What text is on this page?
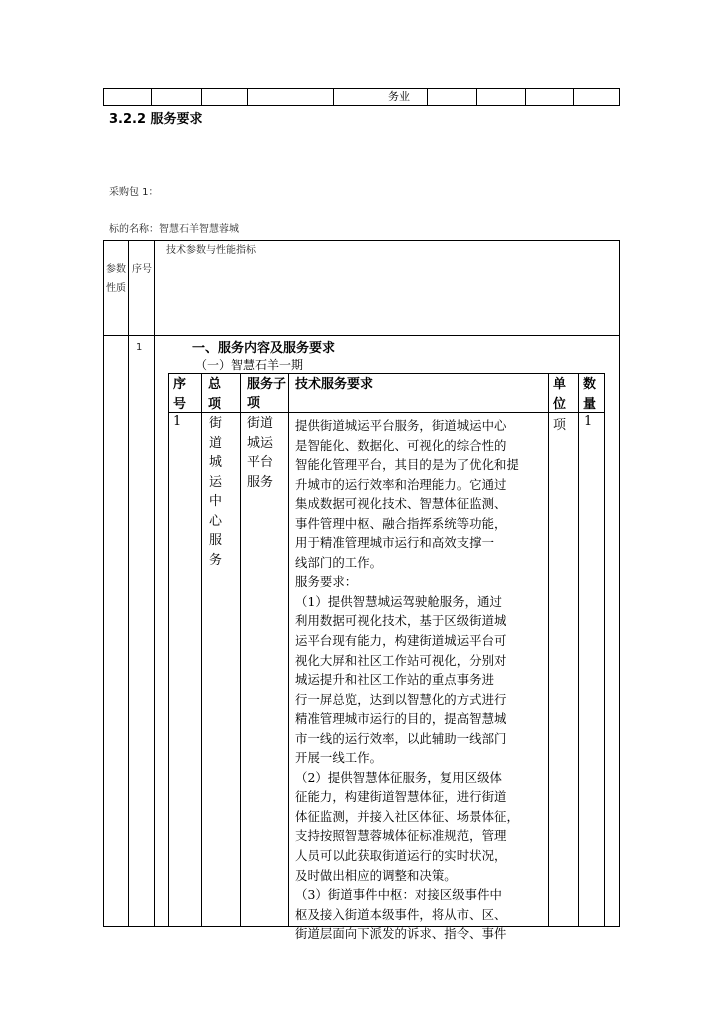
务业
3.2.2 服务要求
采购包 1：
标的名称：智慧石羊智慧蓉城
参数性质
序号
技术参数与性能指标
1	一、服务内容及服务要求
（一）智慧石羊一期
序号
总项
服务子项
技术服务要求	单位
数量
1 街道城运中心服务
街道城运平台服务
项 1
提供街道城运平台服务，街道城运中心
是智能化、数据化、可视化的综合性的
智能化管理平台，其目的是为了优化和提
升城市的运行效率和治理能力。它通过
集成数据可视化技术、智慧体征监测、
事件管理中枢、融合指挥系统等功能，
用于精准管理城市运行和高效支撑一
线部门的工作。
服务要求：
（1）提供智慧城运驾驶舱服务，通过
利用数据可视化技术，基于区级街道城
运平台现有能力，构建街道城运平台可
视化大屏和社区工作站可视化，分别对
城运提升和社区工作站的重点事务进
行一屏总览，达到以智慧化的方式进行
精准管理城市运行的目的，提高智慧城
市一线的运行效率，以此辅助一线部门
开展一线工作。
（2）提供智慧体征服务，复用区级体
征能力，构建街道智慧体征，进行街道
体征监测，并接入社区体征、场景体征，
支持按照智慧蓉城体征标准规范，管理
人员可以此获取街道运行的实时状况，
及时做出相应的调整和决策。
（3）街道事件中枢：对接区级事件中
枢及接入街道本级事件，将从市、区、
街道层面向下派发的诉求、指令、事件
